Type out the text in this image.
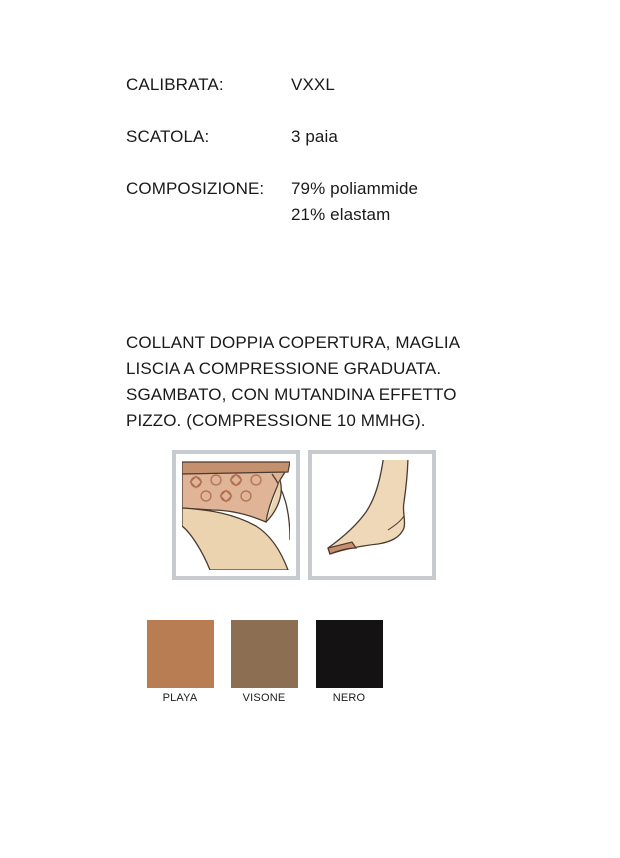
CALIBRATA:	VXXL
SCATOLA:	3 paia
COMPOSIZIONE: 79% poliammide
21% elastam
COLLANT DOPPIA COPERTURA, MAGLIA
LISCIA A COMPRESSIONE GRADUATA.
SGAMBATO, CON MUTANDINA EFFETTO
PIZZO. (COMPRESSIONE 10 MMHG).
PLAYA	VISONE	NERO
